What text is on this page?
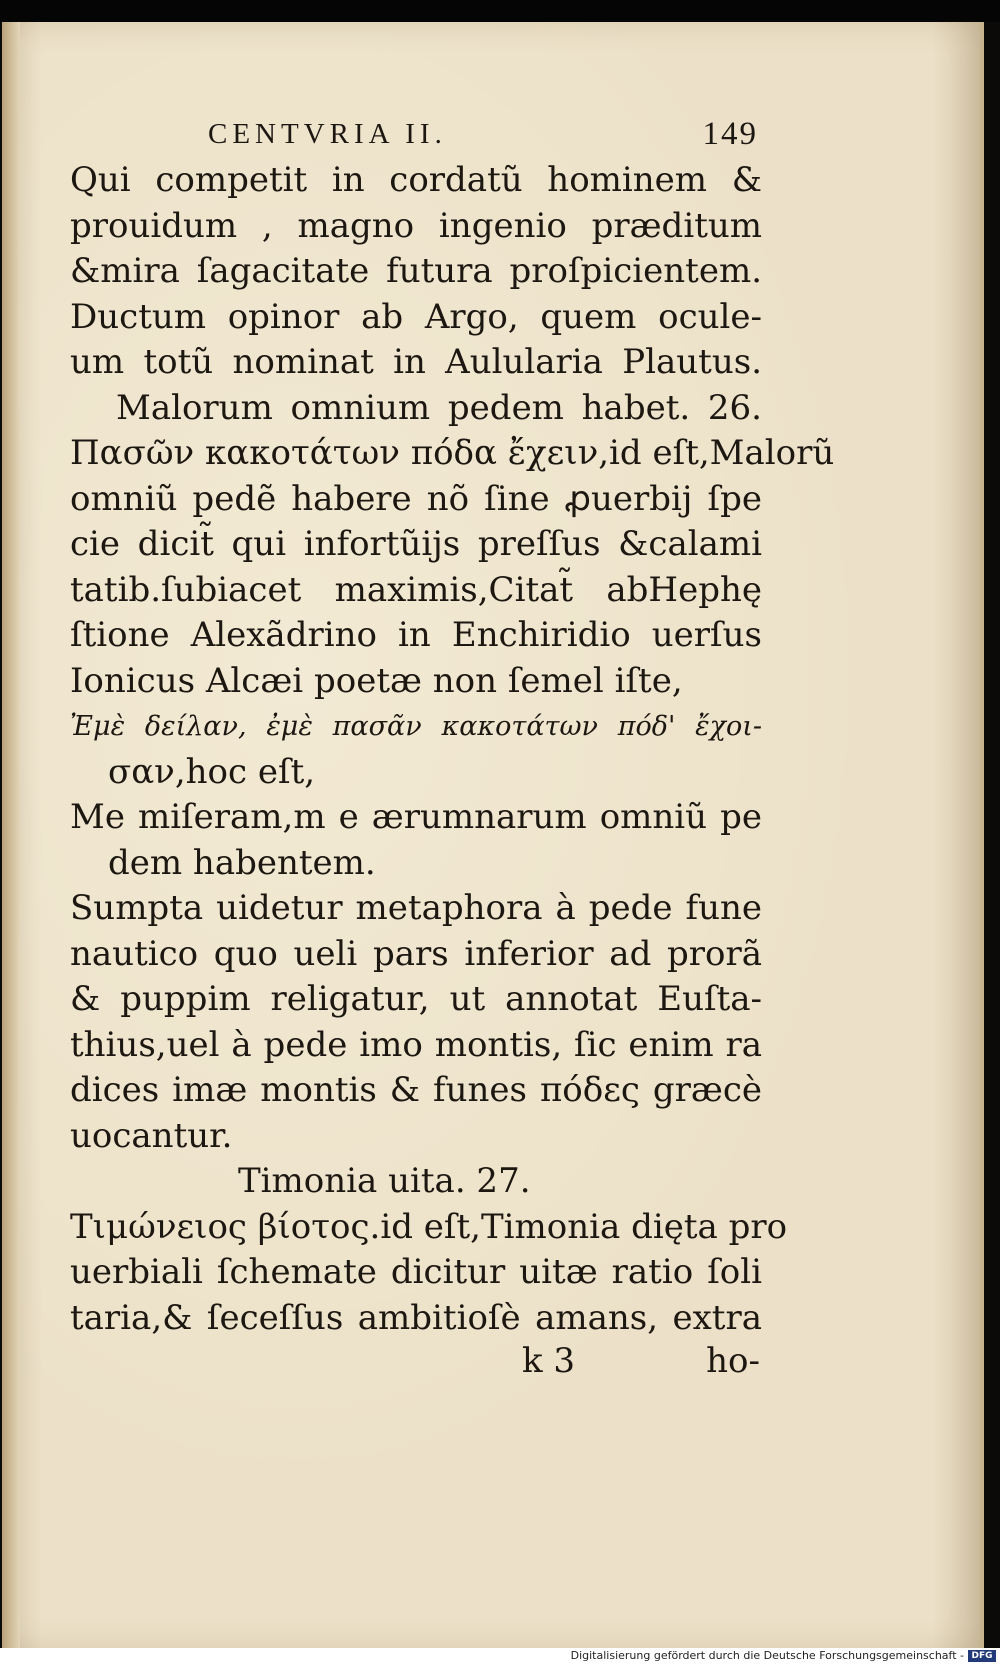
CENTVRIA II.	149
Qui competit in cordatũ hominem &
prouidum , magno ingenio præditum
&mira ſagacitate futura proſpicientem.
Ductum opinor ab Argo, quem ocule-
um totũ nominat in Aulularia Plautus.
Malorum omnium pedem habet. 26.
Πασῶν κακοτάτων πόδα ἔχειν,id eſt,Malorũ
omniũ pedẽ habere nõ ſine ꝓuerbij ſpe
cie dicit̃ qui infortũijs preſſus &calami
tatib.ſubiacet maximis,Citat̃ abHephę
ſtione Alexãdrino in Enchiridio uerſus
Ionicus Alcæi poetæ non ſemel iſte,
Ἐμὲ δείλαν, ἐμὲ πασᾶν κακοτάτων πόδ' ἔχοι-
σαν,hoc eſt,
Me miſeram,m e ærumnarum omniũ pe
dem habentem.
Sumpta uidetur metaphora à pede fune
nautico quo ueli pars inferior ad prorã
& puppim religatur, ut annotat Euſta-
thius,uel à pede imo montis, ſic enim ra
dices imæ montis & funes πόδες græcè
uocantur.
Timonia uita. 27.
Τιμώνειος βίοτος.id eſt,Timonia dięta pro
uerbiali ſchemate dicitur uitæ ratio ſoli
taria,& ſeceſſus ambitioſè amans, extra
k 3	ho-
Digitalisierung gefördert durch die Deutsche Forschungsgemeinschaft - DFG
